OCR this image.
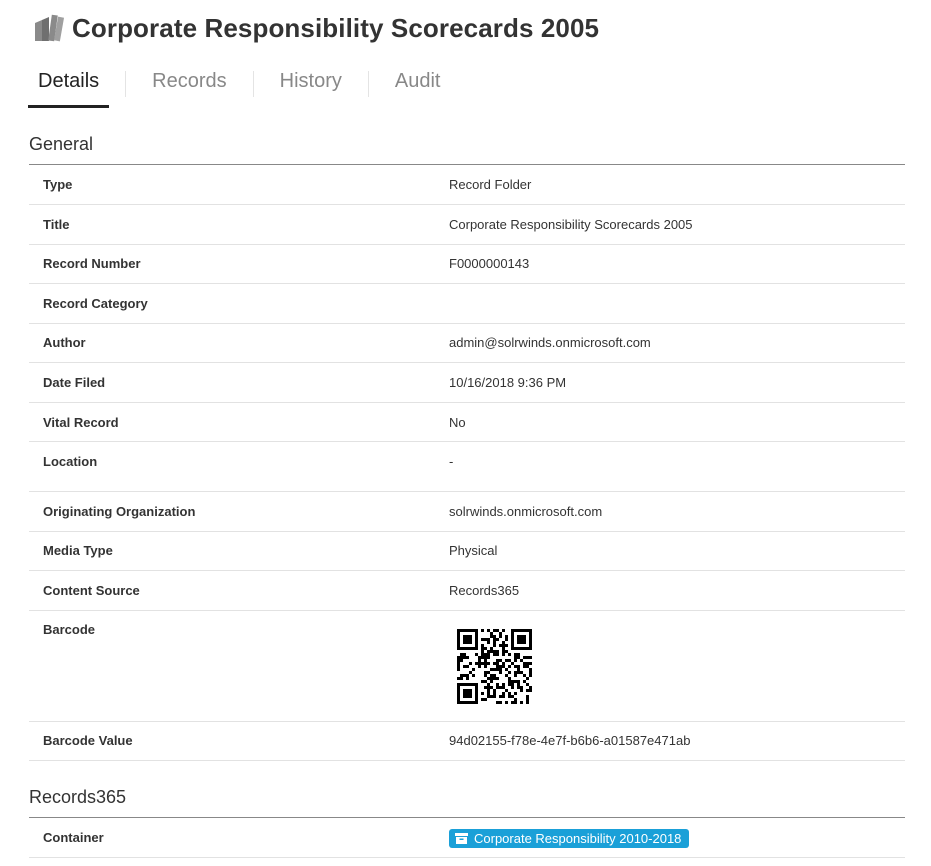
Corporate Responsibility Scorecards 2005
Details	Records	History	Audit
General
Type	Record Folder
Title	Corporate Responsibility Scorecards 2005
Record Number	F0000000143
Record Category
Author	admin@solrwinds.onmicrosoft.com
Date Filed	10/16/2018 9:36 PM
Vital Record	No
Location	-
Originating Organization	solrwinds.onmicrosoft.com
Media Type	Physical
Content Source	Records365
Barcode
Barcode Value	94d02155-f78e-4e7f-b6b6-a01587e471ab
Records365
Container	Corporate Responsibility 2010-2018
